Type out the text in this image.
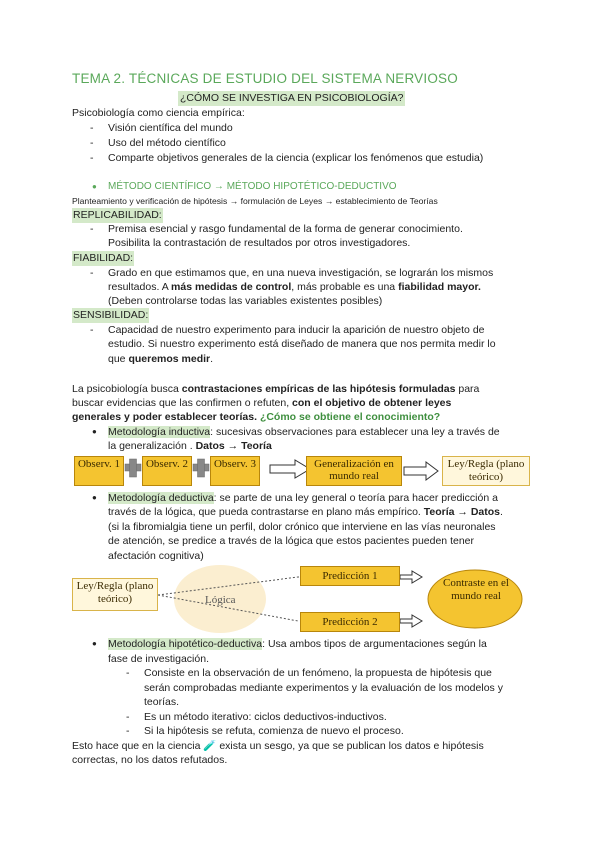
TEMA 2. TÉCNICAS DE ESTUDIO DEL SISTEMA NERVIOSO
¿CÓMO SE INVESTIGA EN PSICOBIOLOGÍA?
Psicobiología como ciencia empírica:
- Visión científica del mundo
- Uso del método científico
- Comparte objetivos generales de la ciencia (explicar los fenómenos que estudia)
● MÉTODO CIENTÍFICO → MÉTODO HIPOTÉTICO-DEDUCTIVO
Planteamiento y verificación de hipótesis → formulación de Leyes → establecimiento de Teorías
REPLICABILIDAD:
- Premisa esencial y rasgo fundamental de la forma de generar conocimiento.
Posibilita la contrastación de resultados por otros investigadores.
FIABILIDAD:
- Grado en que estimamos que, en una nueva investigación, se lograrán los mismos
resultados. A más medidas de control, más probable es una fiabilidad mayor.
(Deben controlarse todas las variables existentes posibles)
SENSIBILIDAD:
- Capacidad de nuestro experimento para inducir la aparición de nuestro objeto de
estudio. Si nuestro experimento está diseñado de manera que nos permita medir lo
que queremos medir.
La psicobiología busca contrastaciones empíricas de las hipótesis formuladas para
buscar evidencias que las confirmen o refuten, con el objetivo de obtener leyes
generales y poder establecer teorías. ¿Cómo se obtiene el conocimiento?
● Metodología inductiva: sucesivas observaciones para establecer una ley a través de
la generalización . Datos → Teoría
Observ. 1	Observ. 2	Observ. 3	Generalización en mundo real
Ley/Regla (plano teórico)
● Metodología deductiva: se parte de una ley general o teoría para hacer predicción a
través de la lógica, que pueda contrastarse en plano más empírico. Teoría → Datos.
(si la fibromialgia tiene un perfil, dolor crónico que interviene en las vías neuronales
de atención, se predice a través de la lógica que estos pacientes pueden tener
afectación cognitiva)
Ley/Regla (plano teórico)	Lógica
Predicción 1
Predicción 2
Contraste en el mundo real
● Metodología hipotético-deductiva: Usa ambos tipos de argumentaciones según la
fase de investigación.
- Consiste en la observación de un fenómeno, la propuesta de hipótesis que
serán comprobadas mediante experimentos y la evaluación de los modelos y
teorías.
- Es un método iterativo: ciclos deductivos-inductivos.
- Si la hipótesis se refuta, comienza de nuevo el proceso.
Esto hace que en la ciencia 🧪 exista un sesgo, ya que se publican los datos e hipótesis
correctas, no los datos refutados.
